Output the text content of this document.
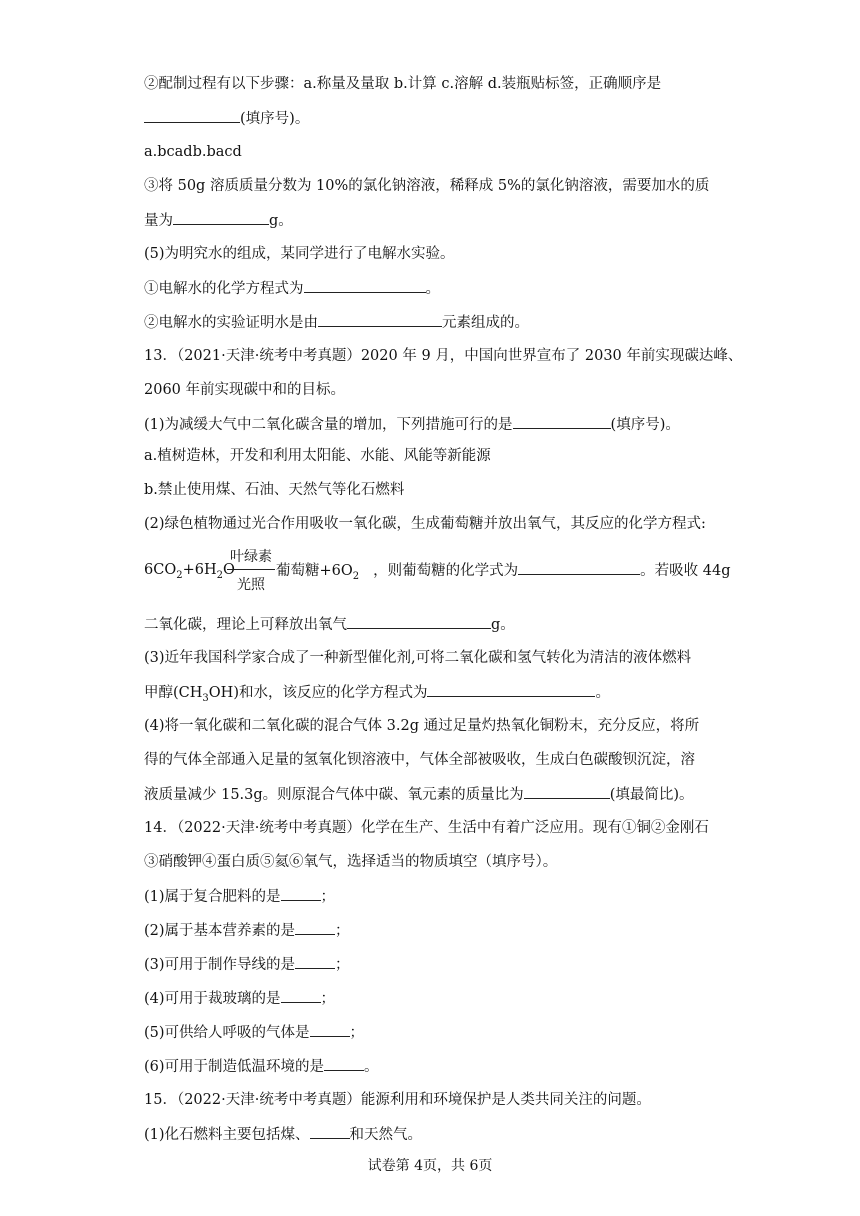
②配制过程有以下步骤：a.称量及量取 b.计算 c.溶解 d.装瓶贴标签，正确顺序是
(填序号)。
a.bcadb.bacd
③将 50g 溶质质量分数为 10%的氯化钠溶液，稀释成 5%的氯化钠溶液，需要加水的质
量为	g。
(5)为明究水的组成，某同学进行了电解水实验。
①电解水的化学方程式为	。
②电解水的实验证明水是由	元素组成的。
13．（2021·天津·统考中考真题）2020 年 9 月，中国向世界宣布了 2030 年前实现碳达峰、
2060 年前实现碳中和的目标。
(1)为减缓大气中二氧化碳含量的增加，下列措施可行的是	(填序号)。
a.植树造林，开发和利用太阳能、水能、风能等新能源
b.禁止使用煤、石油、天然气等化石燃料
(2)绿色植物通过光合作用吸收一氧化碳，生成葡萄糖并放出氧气，其反应的化学方程式:
$6CO_2+6H_2O$
叶绿素
光照
葡萄糖$+6O_2$ ，则葡萄糖的化学式为	。若吸收 44g
二氧化碳，理论上可释放出氧气	g。
(3)近年我国科学家合成了一种新型催化剂,可将二氧化碳和氢气转化为清洁的液体燃料
甲醇$(CH_3OH)$和水，该反应的化学方程式为	。
(4)将一氧化碳和二氧化碳的混合气体 3.2g 通过足量灼热氧化铜粉末，充分反应，将所
得的气体全部通入足量的氢氧化钡溶液中，气体全部被吸收，生成白色碳酸钡沉淀，溶
液质量减少 15.3g。则原混合气体中碳、氧元素的质量比为	(填最简比)。
14．（2022·天津·统考中考真题）化学在生产、生活中有着广泛应用。现有①铜②金刚石
③硝酸钾④蛋白质⑤氦⑥氧气，选择适当的物质填空（填序号）。
(1)属于复合肥料的是	；
(2)属于基本营养素的是	；
(3)可用于制作导线的是	；
(4)可用于裁玻璃的是	；
(5)可供给人呼吸的气体是	；
(6)可用于制造低温环境的是	。
15．（2022·天津·统考中考真题）能源利用和环境保护是人类共同关注的问题。
(1)化石燃料主要包括煤、	和天然气。
试卷第 4页，共 6页
